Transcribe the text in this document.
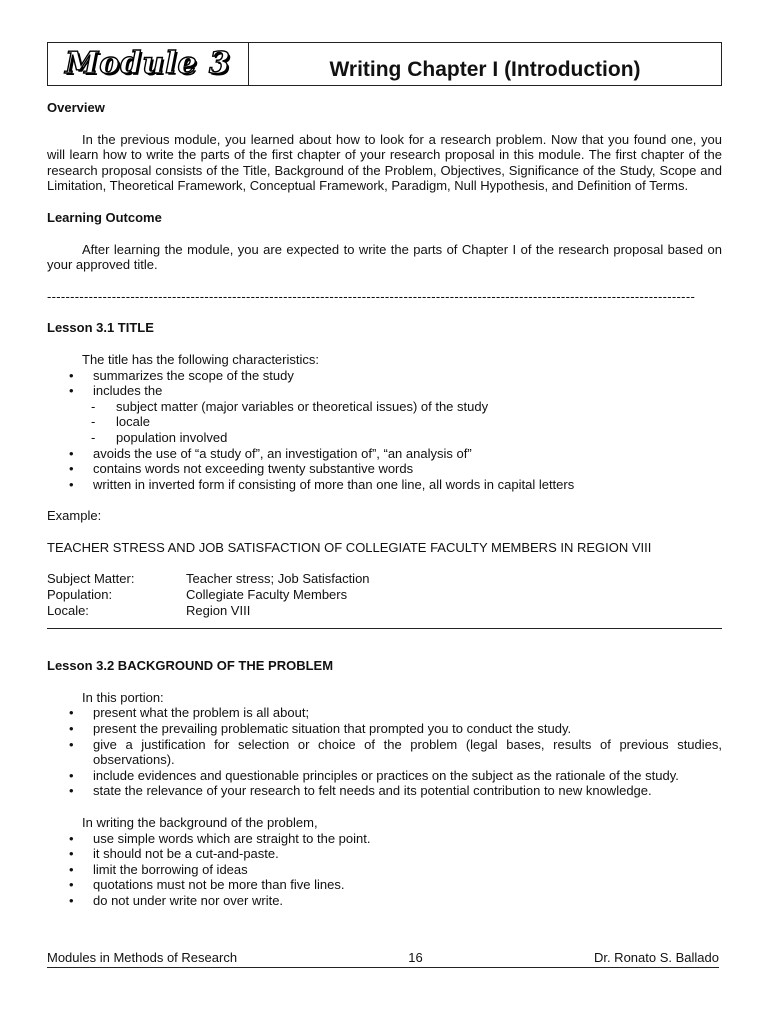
Module 3	Writing Chapter I (Introduction)

Overview

In the previous module, you learned about how to look for a research problem. Now that you found one, you will learn how to write the parts of the first chapter of your research proposal in this module. The first chapter of the research proposal consists of the Title, Background of the Problem, Objectives, Significance of the Study, Scope and Limitation, Theoretical Framework, Conceptual Framework, Paradigm, Null Hypothesis, and Definition of Terms.

Learning Outcome

After learning the module, you are expected to write the parts of Chapter I of the research proposal based on your approved title.

--------------------------------------------------------------------------------------------------------------------------------------------

Lesson 3.1 TITLE

The title has the following characteristics:

• summarizes the scope of the study
• includes the
- subject matter (major variables or theoretical issues) of the study
- locale
- population involved
• avoids the use of “a study of”, an investigation of”, “an analysis of”
• contains words not exceeding twenty substantive words
• written in inverted form if consisting of more than one line, all words in capital letters

Example:

TEACHER STRESS AND JOB SATISFACTION OF COLLEGIATE FACULTY MEMBERS IN REGION VIII

Subject Matter:	Teacher stress; Job Satisfaction
Population:	Collegiate Faculty Members
Locale:	Region VIII

Lesson 3.2 BACKGROUND OF THE PROBLEM

In this portion:

• present what the problem is all about;
• present the prevailing problematic situation that prompted you to conduct the study.
• give a justification for selection or choice of the problem (legal bases, results of previous studies, observations).
• include evidences and questionable principles or practices on the subject as the rationale of the study.
• state the relevance of your research to felt needs and its potential contribution to new knowledge.

In writing the background of the problem,

• use simple words which are straight to the point.
• it should not be a cut-and-paste.
• limit the borrowing of ideas
• quotations must not be more than five lines.
• do not under write nor over write.
Modules in Methods of Research	16	Dr. Ronato S. Ballado
